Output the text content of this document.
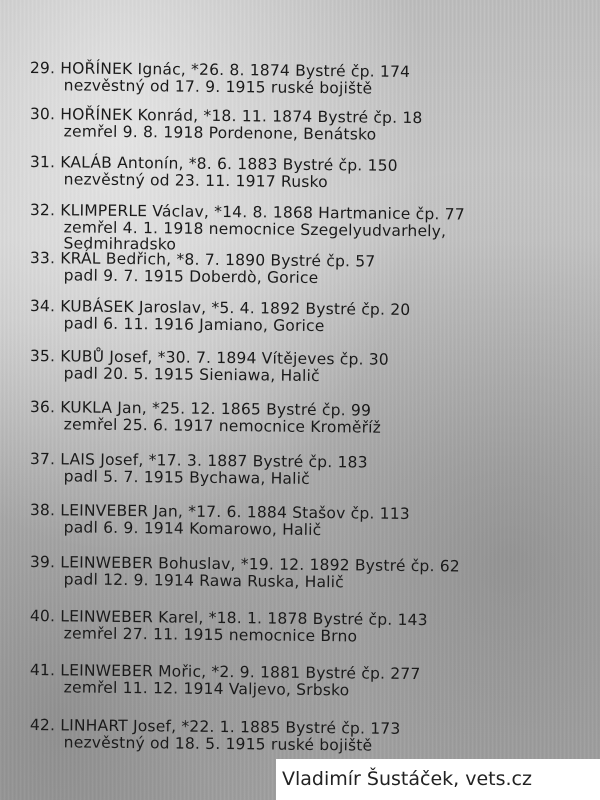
29. HOŘÍNEK Ignác, *26. 8. 1874 Bystré čp. 174
nezvěstný od 17. 9. 1915 ruské bojiště
30. HOŘÍNEK Konrád, *18. 11. 1874 Bystré čp. 18
zemřel 9. 8. 1918 Pordenone, Benátsko
31. KALÁB Antonín, *8. 6. 1883 Bystré čp. 150
nezvěstný od 23. 11. 1917 Rusko
32. KLIMPERLE Václav, *14. 8. 1868 Hartmanice čp. 77
zemřel 4. 1. 1918 nemocnice Szegelyudvarhely,
Sedmihradsko
33. KRÁL Bedřich, *8. 7. 1890 Bystré čp. 57
padl 9. 7. 1915 Doberdò, Gorice
34. KUBÁSEK Jaroslav, *5. 4. 1892 Bystré čp. 20
padl 6. 11. 1916 Jamiano, Gorice
35. KUBŮ Josef, *30. 7. 1894 Vítějeves čp. 30
padl 20. 5. 1915 Sieniawa, Halič
36. KUKLA Jan, *25. 12. 1865 Bystré čp. 99
zemřel 25. 6. 1917 nemocnice Kroměříž
37. LAIS Josef, *17. 3. 1887 Bystré čp. 183
padl 5. 7. 1915 Bychawa, Halič
38. LEINVEBER Jan, *17. 6. 1884 Stašov čp. 113
padl 6. 9. 1914 Komarowo, Halič
39. LEINWEBER Bohuslav, *19. 12. 1892 Bystré čp. 62
padl 12. 9. 1914 Rawa Ruska, Halič
40. LEINWEBER Karel, *18. 1. 1878 Bystré čp. 143
zemřel 27. 11. 1915 nemocnice Brno
41. LEINWEBER Mořic, *2. 9. 1881 Bystré čp. 277
zemřel 11. 12. 1914 Valjevo, Srbsko
42. LINHART Josef, *22. 1. 1885 Bystré čp. 173
nezvěstný od 18. 5. 1915 ruské bojiště
Vladimír Šustáček, vets.cz
